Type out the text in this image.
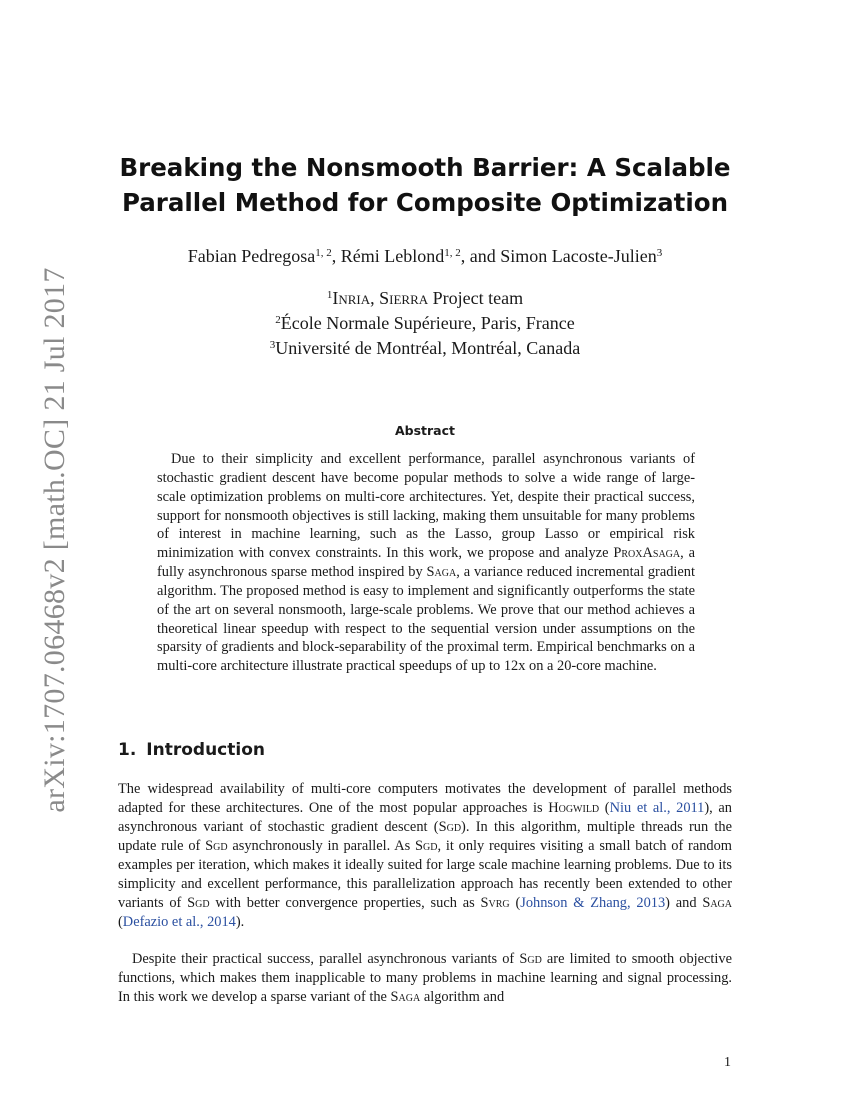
arXiv:1707.06468v2 [math.OC] 21 Jul 2017
Breaking the Nonsmooth Barrier: A Scalable
Parallel Method for Composite Optimization
Fabian Pedregosa$^{1, 2}$, Rémi Leblond$^{1, 2}$, and Simon Lacoste-Julien$^3$
$^1$Inria, Sierra Project team
$^2$École Normale Supérieure, Paris, France
$^3$Université de Montréal, Montréal, Canada
Abstract

Due to their simplicity and excellent performance, parallel asynchronous variants of stochastic gradient descent have become popular methods to solve a wide range of large-scale optimization problems on multi-core architectures. Yet, despite their practical success, support for nonsmooth objectives is still lacking, making them unsuitable for many problems of interest in machine learning, such as the Lasso, group Lasso or empirical risk minimization with convex constraints. In this work, we propose and analyze ProxAsaga, a fully asynchronous sparse method inspired by Saga, a variance reduced incremental gradient algorithm. The proposed method is easy to implement and significantly outperforms the state of the art on several nonsmooth, large-scale problems. We prove that our method achieves a theoretical linear speedup with respect to the sequential version under assumptions on the sparsity of gradients and block-separability of the proximal term. Empirical benchmarks on a multi-core architecture illustrate practical speedups of up to 12x on a 20-core machine.

1. Introduction

The widespread availability of multi-core computers motivates the development of parallel methods adapted for these architectures. One of the most popular approaches is Hogwild (Niu et al., 2011), an asynchronous variant of stochastic gradient descent (Sgd). In this algorithm, multiple threads run the update rule of Sgd asynchronously in parallel. As Sgd, it only requires visiting a small batch of random examples per iteration, which makes it ideally suited for large scale machine learning problems. Due to its simplicity and excellent performance, this parallelization approach has recently been extended to other variants of Sgd with better convergence properties, such as Svrg (Johnson & Zhang, 2013) and Saga (Defazio et al., 2014).

Despite their practical success, parallel asynchronous variants of Sgd are limited to smooth objective functions, which makes them inapplicable to many problems in machine learning and signal processing. In this work we develop a sparse variant of the Saga algorithm and

1
